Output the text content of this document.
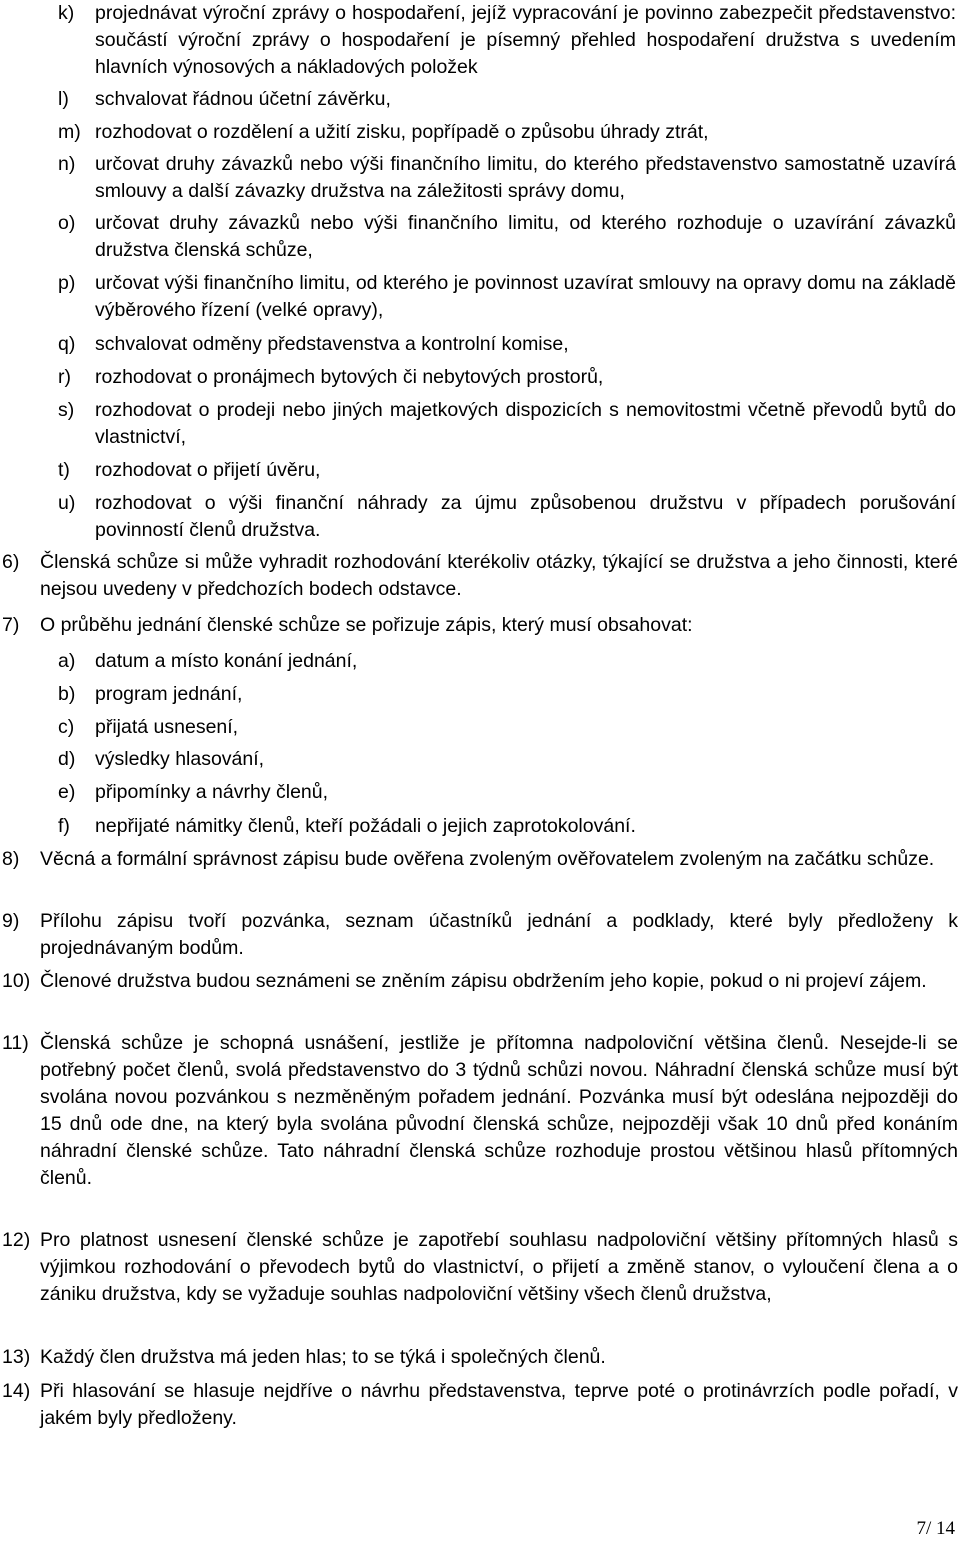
k) projednávat výroční zprávy o hospodaření, jejíž vypracování je povinno zabezpečit představenstvo: součástí výroční zprávy o hospodaření je písemný přehled hospodaření družstva s uvedením hlavních výnosových a nákladových položek
l) schvalovat řádnou účetní závěrku,
m) rozhodovat o rozdělení a užití zisku, popřípadě o způsobu úhrady ztrát,
n) určovat druhy závazků nebo výši finančního limitu, do kterého představenstvo samostatně uzavírá smlouvy a další závazky družstva na záležitosti správy domu,
o) určovat druhy závazků nebo výši finančního limitu, od kterého rozhoduje o uzavírání závazků družstva členská schůze,
p) určovat výši finančního limitu, od kterého je povinnost uzavírat smlouvy na opravy domu na základě výběrového řízení (velké opravy),
q) schvalovat odměny představenstva a kontrolní komise,
r) rozhodovat o pronájmech bytových či nebytových prostorů,
s) rozhodovat o prodeji nebo jiných majetkových dispozicích s nemovitostmi včetně převodů bytů do vlastnictví,
t) rozhodovat o přijetí úvěru,
u) rozhodovat o výši finanční náhrady za újmu způsobenou družstvu v případech porušování povinností členů družstva.
6) Členská schůze si může vyhradit rozhodování kterékoliv otázky, týkající se družstva a jeho činnosti, které nejsou uvedeny v předchozích bodech odstavce.
7) O průběhu jednání členské schůze se pořizuje zápis, který musí obsahovat:
a) datum a místo konání jednání,
b) program jednání,
c) přijatá usnesení,
d) výsledky hlasování,
e) připomínky a návrhy členů,
f) nepřijaté námitky členů, kteří požádali o jejich zaprotokolování.
8) Věcná a formální správnost zápisu bude ověřena zvoleným ověřovatelem zvoleným na začátku schůze.
9) Přílohu zápisu tvoří pozvánka, seznam účastníků jednání a podklady, které byly předloženy k projednávaným bodům.
10) Členové družstva budou seznámeni se zněním zápisu obdržením jeho kopie, pokud o ni projeví zájem.
11) Členská schůze je schopná usnášení, jestliže je přítomna nadpoloviční většina členů. Nesejde-li se potřebný počet členů, svolá představenstvo do 3 týdnů schůzi novou. Náhradní členská schůze musí být svolána novou pozvánkou s nezměněným pořadem jednání. Pozvánka musí být odeslána nejpozději do 15 dnů ode dne, na který byla svolána původní členská schůze, nejpozději však 10 dnů před konáním náhradní členské schůze. Tato náhradní členská schůze rozhoduje prostou většinou hlasů přítomných členů.
12) Pro platnost usnesení členské schůze je zapotřebí souhlasu nadpoloviční většiny přítomných hlasů s výjimkou rozhodování o převodech bytů do vlastnictví, o přijetí a změně stanov, o vyloučení člena a o zániku družstva, kdy se vyžaduje souhlas nadpoloviční většiny všech členů družstva,
13) Každý člen družstva má jeden hlas; to se týká i společných členů.
14) Při hlasování se hlasuje nejdříve o návrhu představenstva, teprve poté o protinávrzích podle pořadí, v jakém byly předloženy.
7/ 14
